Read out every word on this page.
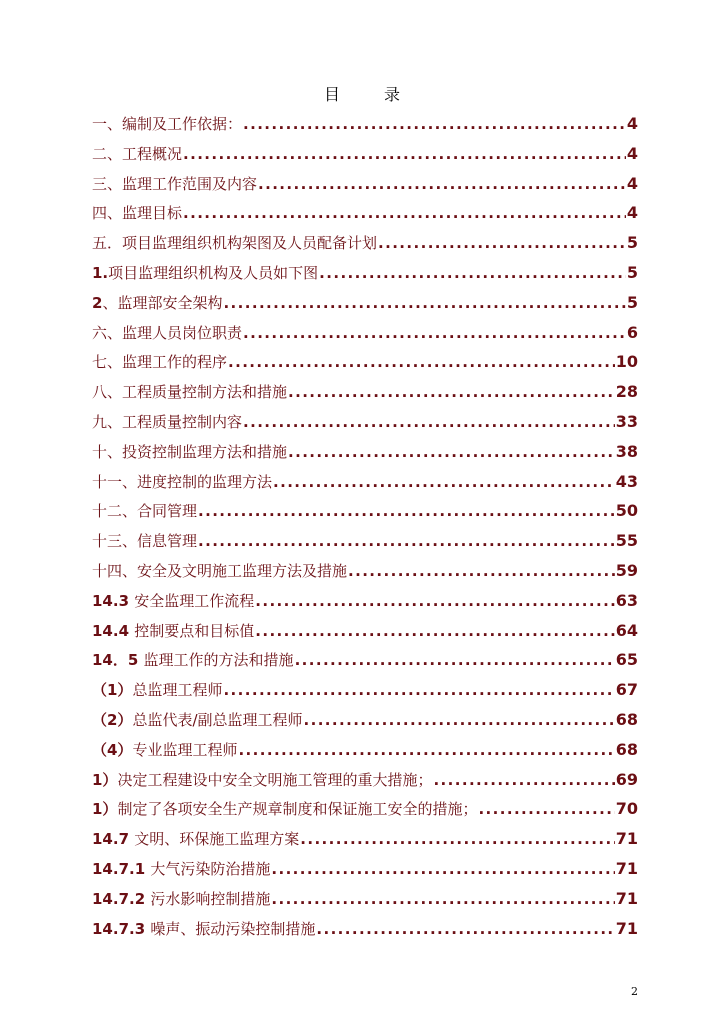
目　录
一、编制及工作依据： .....	4
二、工程概况 .....	4
三、监理工作范围及内容 .....	4
四、监理目标 .....	4
五．项目监理组织机构架图及人员配备计划 .....	5
1.项目监理组织机构及人员如下图 .....	5
2、监理部安全架构 .....	5
六、监理人员岗位职责 .....	6
七、监理工作的程序 .....	10
八、工程质量控制方法和措施 .....	28
九、工程质量控制内容 .....	33
十、投资控制监理方法和措施 .....	38
十一、进度控制的监理方法 .....	43
十二、合同管理 .....	50
十三、信息管理 .....	55
十四、安全及文明施工监理方法及措施 .....	59
14.3 安全监理工作流程 .....	63
14.4 控制要点和目标值 .....	64
14．5 监理工作的方法和措施 .....	65
（1）总监理工程师 .....	67
（2）总监代表/副总监理工程师 .....	68
（4）专业监理工程师 .....	68
1）决定工程建设中安全文明施工管理的重大措施； .....	69
1）制定了各项安全生产规章制度和保证施工安全的措施； .....	70
14.7 文明、环保施工监理方案 .....	71
14.7.1 大气污染防治措施 .....	71
14.7.2 污水影响控制措施 .....	71
14.7.3 噪声、振动污染控制措施 .....	71
2
